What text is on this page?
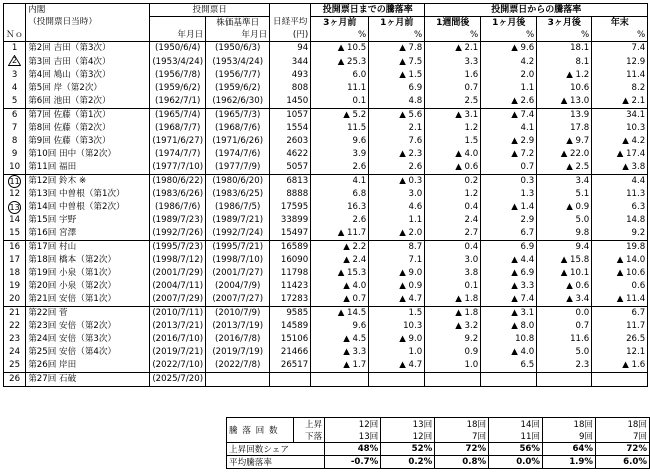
	内閣	投開票日			投開票日までの騰落率		投開票日からの騰落率			
	（投開票日当時）		株価基準日	日経平均	3ヶ月前	1ヶ月前	1週間後	1ヶ月後	3ヶ月後	年末
Ｎｏ		年月日	年月日	(円)	%	%	%	%	%	%
1	第2回 吉田（第3次）	(1950/6/4)	(1950/6/3)	94	▲ 10.5	▲ 7.8	▲ 2.1	▲ 9.6	18.1	7.4

2	第3回 吉田（第4次）	(1953/4/24)	(1953/4/24)	344	▲ 25.3	▲ 7.5	3.3	4.2	8.1	12.9
3	第4回 鳩山（第3次）	(1956/7/8)	(1956/7/7)	493	6.0	▲ 1.5	1.6	2.0	▲ 1.2	11.4
4	第5回 岸（第2次）	(1959/6/2)	(1959/6/2)	808	11.1	6.9	0.7	1.1	10.6	8.2
5	第6回 池田（第2次）	(1962/7/1)	(1962/6/30)	1450	0.1	4.8	2.5	▲ 2.6	▲ 13.0	▲ 2.1
6	第7回 佐藤（第1次）	(1965/7/4)	(1965/7/3)	1057	▲ 5.2	▲ 5.6	▲ 3.1	▲ 7.4	13.9	34.1
7	第8回 佐藤（第2次）	(1968/7/7)	(1968/7/6)	1554	11.5	2.1	1.2	4.1	17.8	10.3
8	第9回 佐藤（第3次）	(1971/6/27)	(1971/6/26)	2603	9.6	7.6	1.5	▲ 2.9	▲ 9.7	▲ 4.2
9	第10回 田中（第2次）	(1974/7/7)	(1974/7/6)	4622	3.9	▲ 2.3	▲ 4.0	▲ 7.2	▲ 22.0	▲ 17.4
10	第11回 福田	(1977/7/10)	(1977/7/9)	5057	2.6	2.6	▲ 0.6	0.7	▲ 2.5	▲ 3.8
11	第12回 鈴木 ※	(1980/6/22)	(1980/6/20)	6813	4.1	▲ 0.3	0.2	0.3	3.4	4.4
12	第13回 中曽根（第1次）	(1983/6/26)	(1983/6/25)	8888	6.8	3.0	1.2	1.3	5.1	11.3
13	第14回 中曽根（第2次）	(1986/7/6)	(1986/7/5)	17595	16.3	4.6	0.4	▲ 1.4	▲ 0.9	6.3
14	第15回 宇野	(1989/7/23)	(1989/7/21)	33899	2.6	1.1	2.4	2.9	5.0	14.8
15	第16回 宮澤	(1992/7/26)	(1992/7/24)	15497	▲ 11.7	▲ 2.0	2.7	6.7	9.8	9.2
16	第17回 村山	(1995/7/23)	(1995/7/21)	16589	▲ 2.2	8.7	0.4	6.9	9.4	19.8
17	第18回 橋本（第2次）	(1998/7/12)	(1998/7/10)	16090	▲ 2.4	7.1	3.0	▲ 4.4	▲ 15.8	▲ 14.0
18	第19回 小泉（第1次）	(2001/7/29)	(2001/7/27)	11798	▲ 15.3	▲ 9.0	3.8	▲ 6.9	▲ 10.1	▲ 10.6
19	第20回 小泉（第2次）	(2004/7/11)	(2004/7/9)	11423	▲ 4.0	▲ 0.9	0.1	▲ 3.3	▲ 0.6	0.6
20	第21回 安倍（第1次）	(2007/7/29)	(2007/7/27)	17283	▲ 0.7	▲ 4.7	▲ 1.8	▲ 7.4	▲ 3.4	▲ 11.4
21	第22回 菅	(2010/7/11)	(2010/7/9)	9585	▲ 14.5	1.5	▲ 1.8	▲ 3.1	0.0	6.7
22	第23回 安倍（第2次）	(2013/7/21)	(2013/7/19)	14589	9.6	10.3	▲ 3.2	▲ 8.0	0.7	11.7
23	第24回 安倍（第3次）	(2016/7/10)	(2016/7/8)	15106	▲ 4.5	▲ 9.0	9.2	10.8	11.6	26.5
24	第25回 安倍（第4次）	(2019/7/21)	(2019/7/19)	21466	▲ 3.3	1.0	0.9	▲ 4.0	5.0	12.1
25	第26回 岸田	(2022/7/10)	(2022/7/8)	26517	▲ 1.7	▲ 4.7	1.0	6.5	2.3	▲ 1.6
26	第27回 石破	(2025/7/20)								
騰 落 回 数	上昇	12回	13回	18回	14回	18回	18回
	下落	13回	12回	7回	11回	9回	7回
上昇回数シェア		48%	52%	72%	56%	64%	72%
平均騰落率		-0.7%	0.2%	0.8%	0.0%	1.9%	6.0%
